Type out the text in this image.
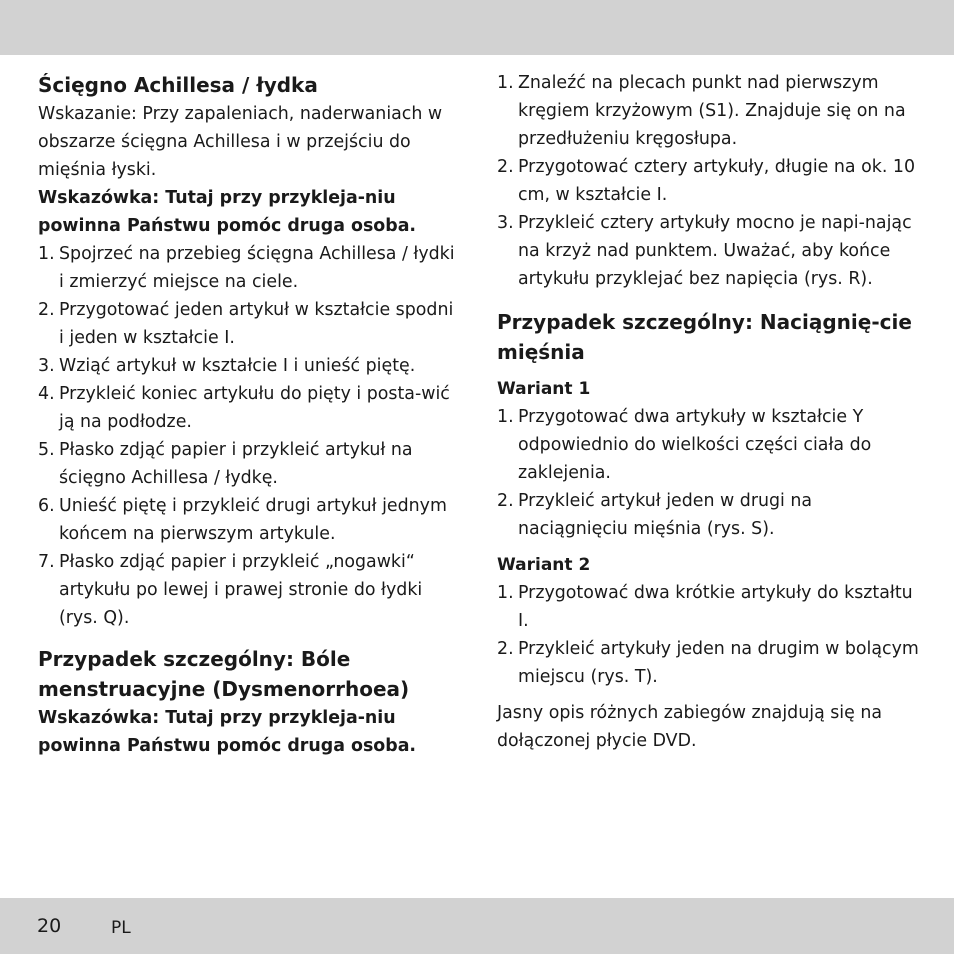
Ścięgno Achillesa / łydka
Wskazanie: Przy zapaleniach, naderwaniach w obszarze ścięgna Achillesa i w przejściu do mięśnia łyski.
Wskazówka: Tutaj przy przykleja-niu powinna Państwu pomóc druga osoba.
1. Spojrzeć na przebieg ścięgna Achillesa / łydki i zmierzyć miejsce na ciele.
2. Przygotować jeden artykuł w kształcie spodni i jeden w kształcie I.
3. Wziąć artykuł w kształcie I i unieść piętę.
4. Przykleić koniec artykułu do pięty i posta-wić ją na podłodze.
5. Płasko zdjąć papier i przykleić artykuł na ścięgno Achillesa / łydkę.
6. Unieść piętę i przykleić drugi artykuł jednym końcem na pierwszym artykule.
7. Płasko zdjąć papier i przykleić „nogawki“ artykułu po lewej i prawej stronie do łydki (rys. Q).
Przypadek szczególny: Bóle menstruacyjne (Dysmenorrhoea)
Wskazówka: Tutaj przy przykleja-niu powinna Państwu pomóc druga osoba.
1. Znaleźć na plecach punkt nad pierwszym kręgiem krzyżowym (S1). Znajduje się on na przedłużeniu kręgosłupa.
2. Przygotować cztery artykuły, długie na ok. 10 cm, w kształcie I.
3. Przykleić cztery artykuły mocno je napi-nając na krzyż nad punktem. Uważać, aby końce artykułu przyklejać bez napięcia (rys. R).
Przypadek szczególny: Naciągnię-cie mięśnia
Wariant 1
1. Przygotować dwa artykuły w kształcie Y odpowiednio do wielkości części ciała do zaklejenia.
2. Przykleić artykuł jeden w drugi na naciągnięciu mięśnia (rys. S).
Wariant 2
1. Przygotować dwa krótkie artykuły do kształtu I.
2. Przykleić artykuły jeden na drugim w bolącym miejscu (rys. T).
Jasny opis różnych zabiegów znajdują się na dołączonej płycie DVD.
20	PL
